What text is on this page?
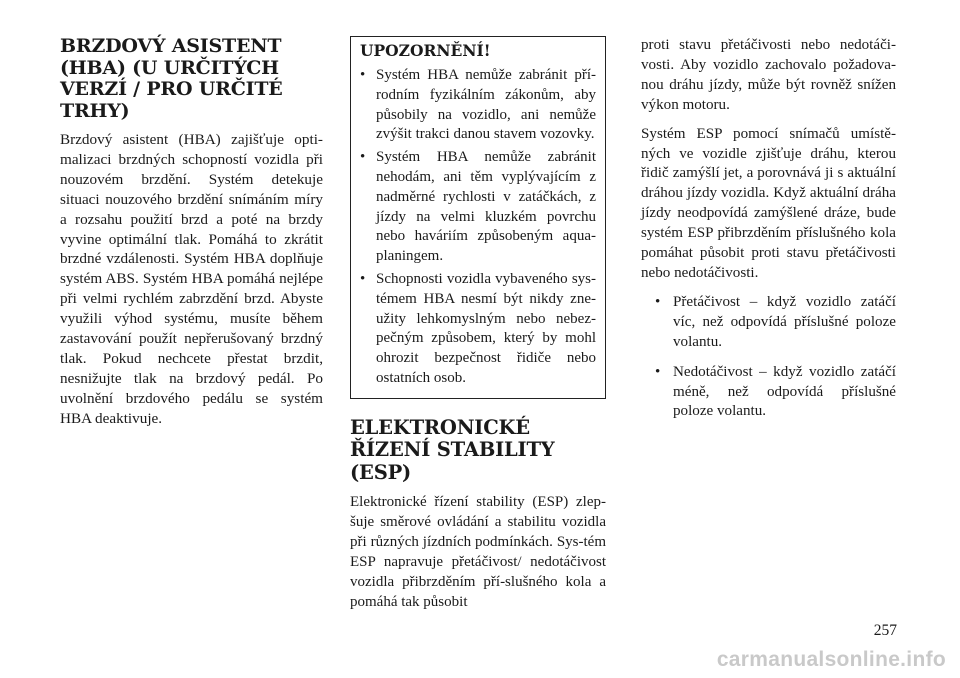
BRZDOVÝ ASISTENT (HBA) (U URČITÝCH VERZÍ / PRO URČITÉ TRHY)

Brzdový asistent (HBA) zajišťuje opti-malizaci brzdných schopností vozidla při nouzovém brzdění. Systém detekuje situaci nouzového brzdění snímáním míry a rozsahu použití brzd a poté na brzdy vyvine optimální tlak. Pomáhá to zkrátit brzdné vzdálenosti. Systém HBA doplňuje systém ABS. Systém HBA pomáhá nejlépe při velmi rychlém zabrzdění brzd. Abyste využili výhod systému, musíte během zastavování použít nepřerušovaný brzdný tlak. Pokud nechcete přestat brzdit, nesnižujte tlak na brzdový pedál. Po uvolnění brzdového pedálu se systém HBA deaktivuje.

UPOZORNĚNÍ!
• Systém HBA nemůže zabránit pří-rodním fyzikálním zákonům, aby působily na vozidlo, ani nemůže zvýšit trakci danou stavem vozovky.
• Systém HBA nemůže zabránit nehodám, ani těm vyplývajícím z nadměrné rychlosti v zatáčkách, z jízdy na velmi kluzkém povrchu nebo haváriím způsobeným aqua-planingem.
• Schopnosti vozidla vybaveného sys-témem HBA nesmí být nikdy zne-užity lehkomyslným nebo nebez-pečným způsobem, který by mohl ohrozit bezpečnost řidiče nebo ostatních osob.
ELEKTRONICKÉ ŘÍZENÍ STABILITY (ESP)

Elektronické řízení stability (ESP) zlep-šuje směrové ovládání a stabilitu vozidla při různých jízdních podmínkách. Sys-tém ESP napravuje přetáčivost/ nedotáčivost vozidla přibrzděním pří-slušného kola a pomáhá tak působit

proti stavu přetáčivosti nebo nedotáči-vosti. Aby vozidlo zachovalo požadova-nou dráhu jízdy, může být rovněž snížen výkon motoru.

Systém ESP pomocí snímačů umístě-ných ve vozidle zjišťuje dráhu, kterou řidič zamýšlí jet, a porovnává ji s aktuální dráhou jízdy vozidla. Když aktuální dráha jízdy neodpovídá zamýšlené dráze, bude systém ESP přibrzděním příslušného kola pomáhat působit proti stavu přetáčivosti nebo nedotáčivosti.

• Přetáčivost – když vozidlo zatáčí víc, než odpovídá příslušné poloze volantu.
• Nedotáčivost – když vozidlo zatáčí méně, než odpovídá příslušné poloze volantu.
257
carmanualsonline.info
